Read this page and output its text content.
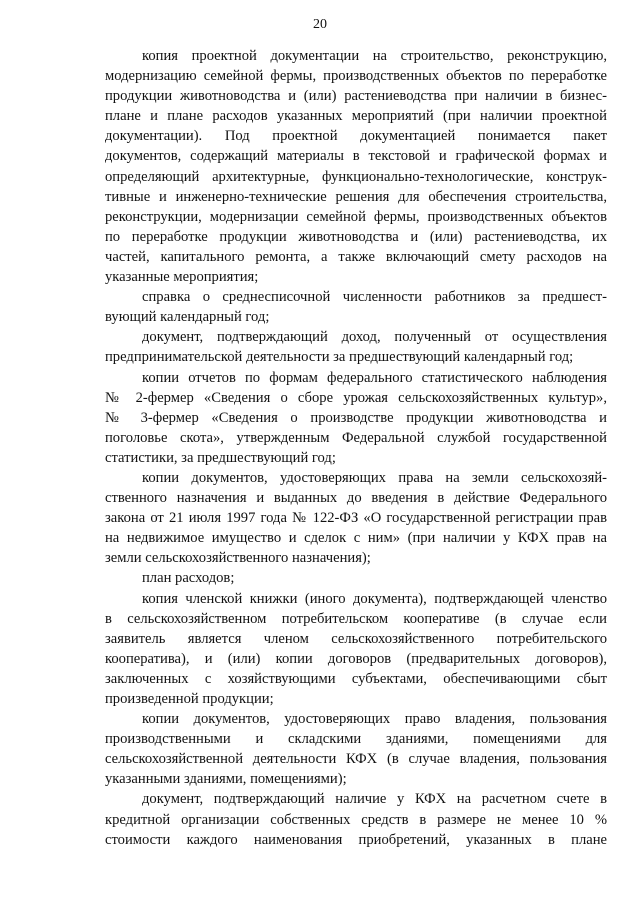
20
копия проектной документации на строительство, реконструкцию,
модернизацию семейной фермы, производственных объектов по переработке
продукции животноводства и (или) растениеводства при наличии в бизнес-
плане и плане расходов указанных мероприятий (при наличии проектной
документации). Под проектной документацией понимается пакет
документов, содержащий материалы в текстовой и графической формах и
определяющий архитектурные, функционально-технологические, конструк-
тивные и инженерно-технические решения для обеспечения строительства,
реконструкции, модернизации семейной фермы, производственных объектов
по переработке продукции животноводства и (или) растениеводства, их
частей, капитального ремонта, а также включающий смету расходов на
указанные мероприятия;
справка о среднесписочной численности работников за предшест-
вующий календарный год;
документ, подтверждающий доход, полученный от осуществления
предпринимательской деятельности за предшествующий календарный год;
копии отчетов по формам федерального статистического наблюдения
№ 2-фермер «Сведения о сборе урожая сельскохозяйственных культур»,
№ 3-фермер «Сведения о производстве продукции животноводства и
поголовье скота», утвержденным Федеральной службой государственной
статистики, за предшествующий год;
копии документов, удостоверяющих права на земли сельскохозяй-
ственного назначения и выданных до введения в действие Федерального
закона от 21 июля 1997 года № 122-ФЗ «О государственной регистрации прав
на недвижимое имущество и сделок с ним» (при наличии у КФХ прав на
земли сельскохозяйственного назначения);
план расходов;
копия членской книжки (иного документа), подтверждающей членство
в сельскохозяйственном потребительском кооперативе (в случае если
заявитель является членом сельскохозяйственного потребительского
кооператива), и (или) копии договоров (предварительных договоров),
заключенных с хозяйствующими субъектами, обеспечивающими сбыт
произведенной продукции;
копии документов, удостоверяющих право владения, пользования
производственными и складскими зданиями, помещениями для
сельскохозяйственной деятельности КФХ (в случае владения, пользования
указанными зданиями, помещениями);
документ, подтверждающий наличие у КФХ на расчетном счете в
кредитной организации собственных средств в размере не менее 10 %
стоимости каждого наименования приобретений, указанных в плане
